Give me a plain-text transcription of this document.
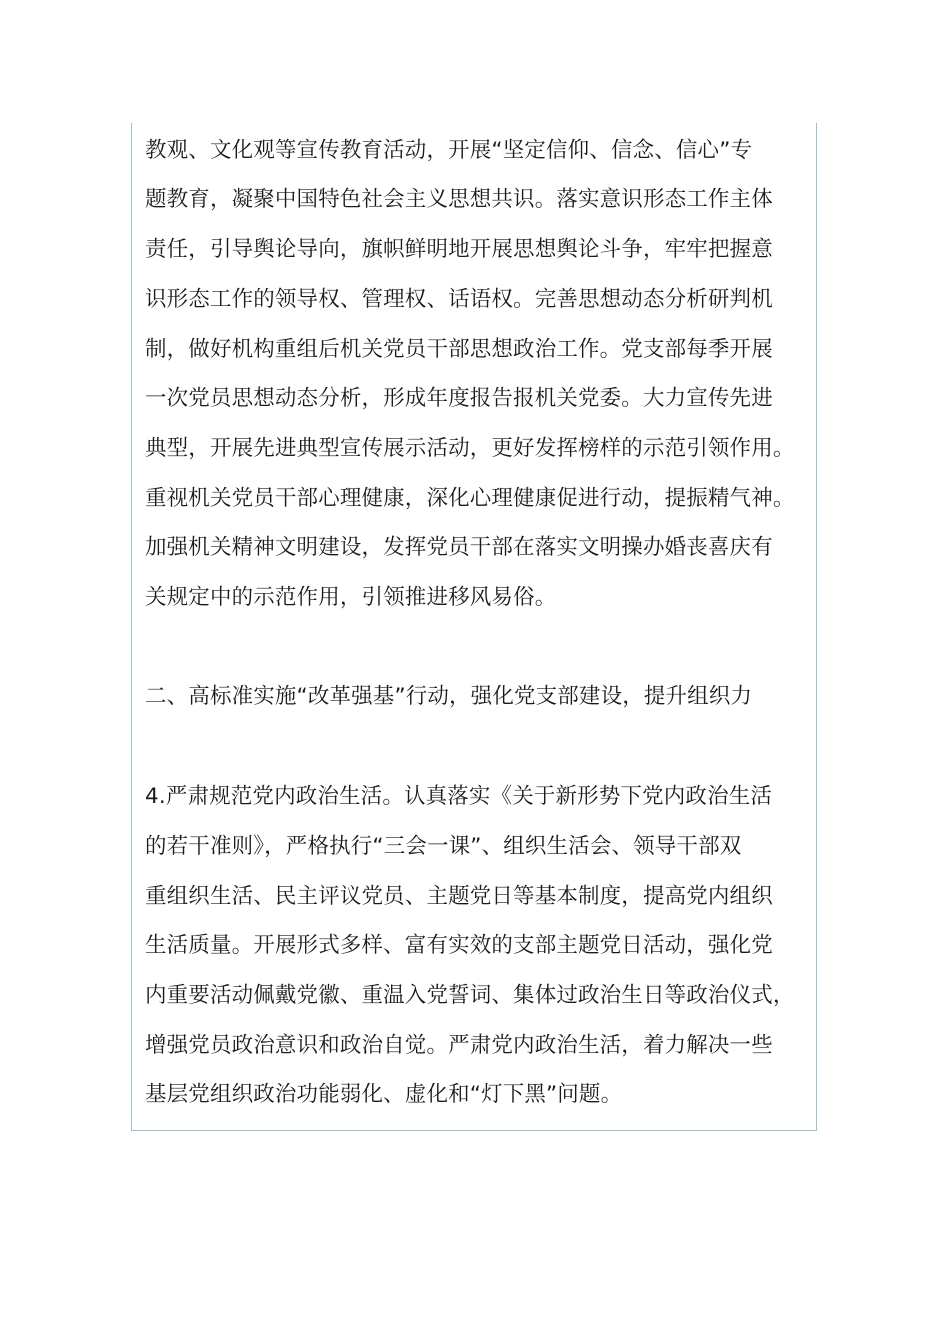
教观、文化观等宣传教育活动，开展“坚定信仰、信念、信心”专
题教育，凝聚中国特色社会主义思想共识。落实意识形态工作主体
责任，引导舆论导向，旗帜鲜明地开展思想舆论斗争，牢牢把握意
识形态工作的领导权、管理权、话语权。完善思想动态分析研判机
制，做好机构重组后机关党员干部思想政治工作。党支部每季开展
一次党员思想动态分析，形成年度报告报机关党委。大力宣传先进
典型，开展先进典型宣传展示活动，更好发挥榜样的示范引领作用。
重视机关党员干部心理健康，深化心理健康促进行动，提振精气神。
加强机关精神文明建设，发挥党员干部在落实文明操办婚丧喜庆有
关规定中的示范作用，引领推进移风易俗。
二、高标准实施“改革强基”行动，强化党支部建设，提升组织力
4.严肃规范党内政治生活。认真落实《关于新形势下党内政治生活
的若干准则》，严格执行“三会一课”、组织生活会、领导干部双
重组织生活、民主评议党员、主题党日等基本制度，提高党内组织
生活质量。开展形式多样、富有实效的支部主题党日活动，强化党
内重要活动佩戴党徽、重温入党誓词、集体过政治生日等政治仪式，
增强党员政治意识和政治自觉。严肃党内政治生活，着力解决一些
基层党组织政治功能弱化、虚化和“灯下黑”问题。
